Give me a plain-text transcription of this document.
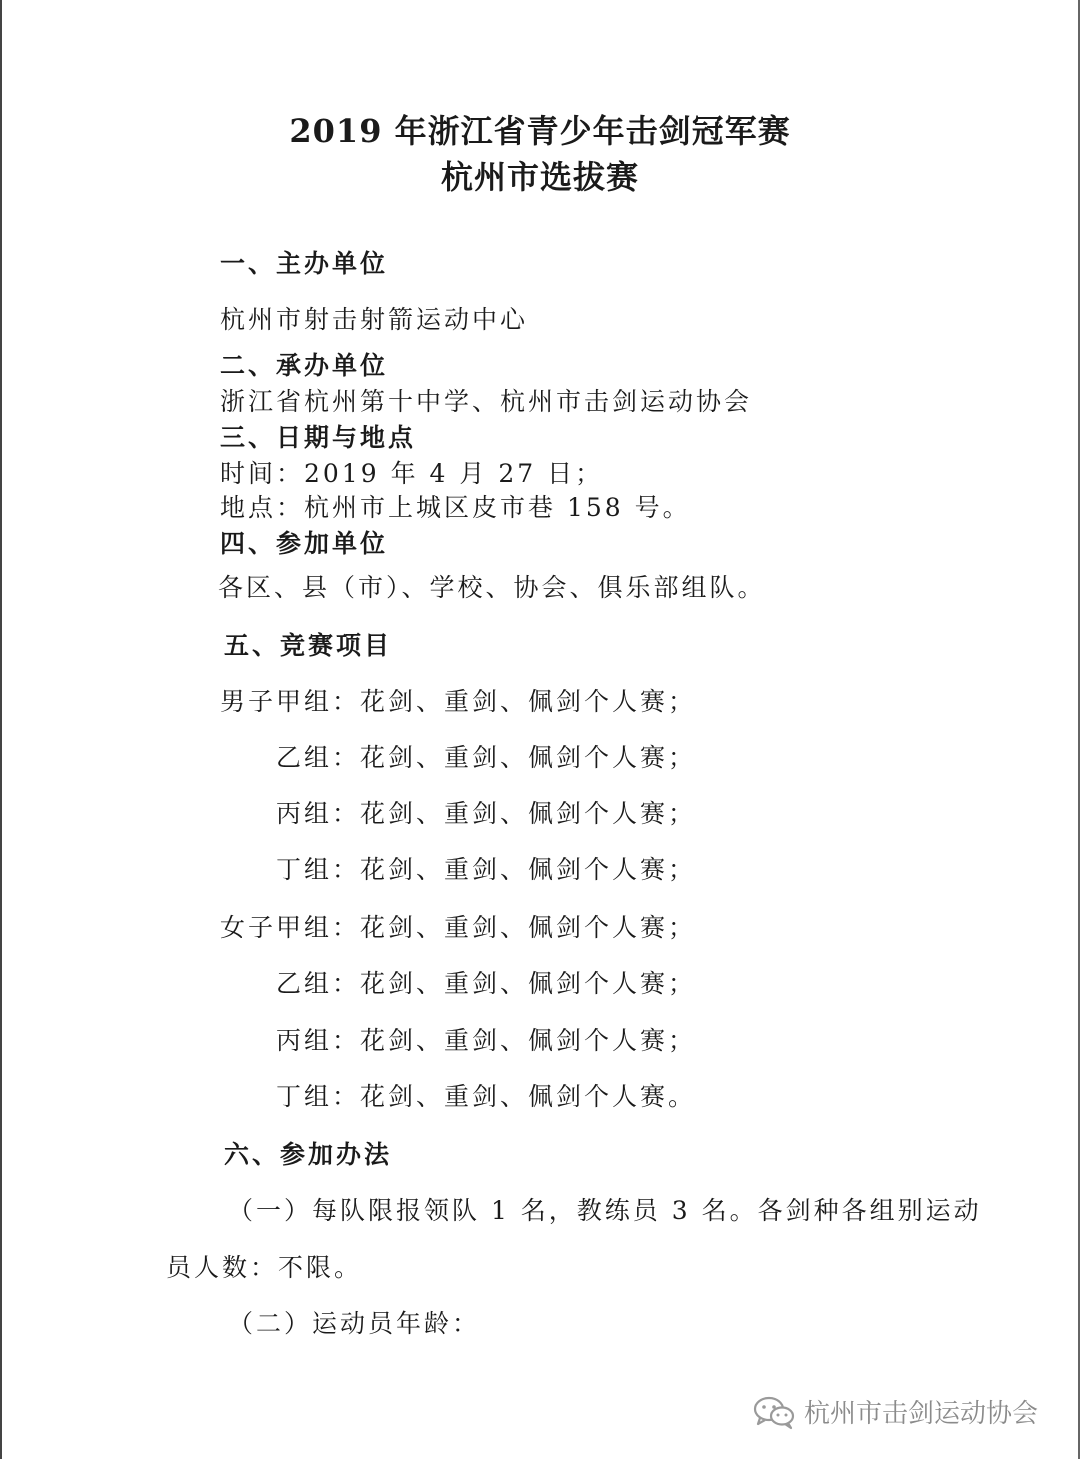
2019 年浙江省青少年击剑冠军赛
杭州市选拔赛
一、主办单位
杭州市射击射箭运动中心
二、承办单位
浙江省杭州第十中学、杭州市击剑运动协会
三、日期与地点
时间：2019 年 4 月 27 日；
地点：杭州市上城区皮市巷 158 号。
四、参加单位
各区、县（市）、学校、协会、俱乐部组队。
五、竞赛项目
男子甲组：花剑、重剑、佩剑个人赛；
乙组：花剑、重剑、佩剑个人赛；
丙组：花剑、重剑、佩剑个人赛；
丁组：花剑、重剑、佩剑个人赛；
女子甲组：花剑、重剑、佩剑个人赛；
乙组：花剑、重剑、佩剑个人赛；
丙组：花剑、重剑、佩剑个人赛；
丁组：花剑、重剑、佩剑个人赛。
六、参加办法
（一）每队限报领队 1 名，教练员 3 名。各剑种各组别运动
员人数：不限。
（二）运动员年龄：
杭州市击剑运动协会
